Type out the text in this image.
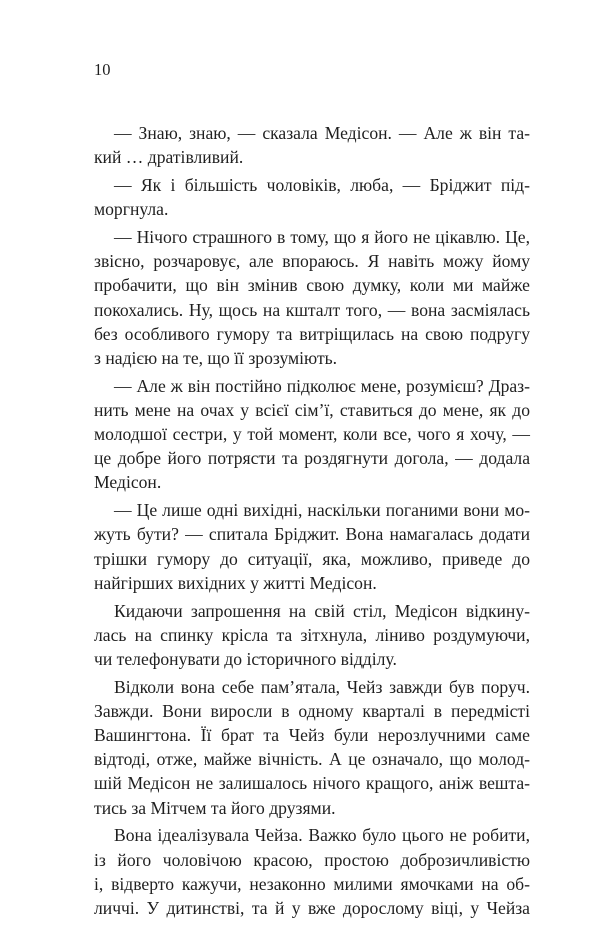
10
— Знаю, знаю, — сказала Медісон. — Але ж він та-
кий … дратівливий.
— Як і більшість чоловіків, люба, — Бріджит під-
моргнула.
— Нічого страшного в тому, що я його не цікавлю. Це,
звісно, розчаровує, але впораюсь. Я навіть можу йому
пробачити, що він змінив свою думку, коли ми майже
покохались. Ну, щось на кшталт того, — вона засміялась
без особливого гумору та витріщилась на свою подругу
з надією на те, що її зрозуміють.
— Але ж він постійно підколює мене, розумієш? Драз-
нить мене на очах у всієї сім’ї, ставиться до мене, як до
молодшої сестри, у той момент, коли все, чого я хочу, —
це добре його потрясти та роздягнути догола, — додала
Медісон.
— Це лише одні вихідні, наскільки поганими вони мо-
жуть бути? — спитала Бріджит. Вона намагалась додати
трішки гумору до ситуації, яка, можливо, приведе до
найгірших вихідних у житті Медісон.
Кидаючи запрошення на свій стіл, Медісон відкину-
лась на спинку крісла та зітхнула, ліниво роздумуючи,
чи телефонувати до історичного відділу.
Відколи вона себе пам’ятала, Чейз завжди був поруч.
Завжди. Вони виросли в одному кварталі в передмісті
Вашингтона. Її брат та Чейз були нерозлучними саме
відтоді, отже, майже вічність. А це означало, що молод-
шій Медісон не залишалось нічого кращого, аніж вешта-
тись за Мітчем та його друзями.
Вона ідеалізувала Чейза. Важко було цього не робити,
із його чоловічою красою, простою доброзичливістю
і, відверто кажучи, незаконно милими ямочками на об-
личчі. У дитинстві, та й у вже дорослому віці, у Чейза
